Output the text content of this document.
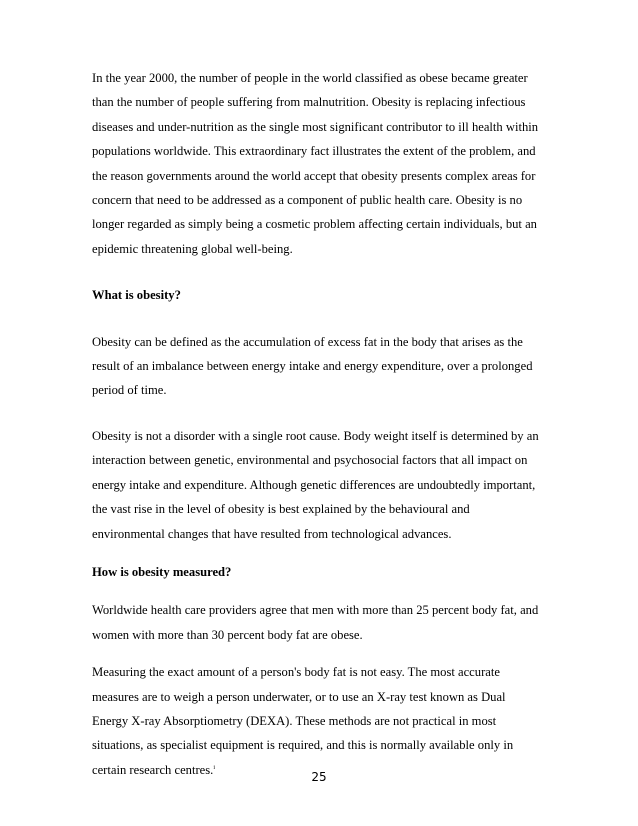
In the year 2000, the number of people in the world classified as obese became greater
than the number of people suffering from malnutrition. Obesity is replacing infectious
diseases and under-nutrition as the single most significant contributor to ill health within
populations worldwide. This extraordinary fact illustrates the extent of the problem, and
the reason governments around the world accept that obesity presents complex areas for
concern that need to be addressed as a component of public health care. Obesity is no
longer regarded as simply being a cosmetic problem affecting certain individuals, but an
epidemic threatening global well-being.

What is obesity?

Obesity can be defined as the accumulation of excess fat in the body that arises as the
result of an imbalance between energy intake and energy expenditure, over a prolonged
period of time.

Obesity is not a disorder with a single root cause. Body weight itself is determined by an
interaction between genetic, environmental and psychosocial factors that all impact on
energy intake and expenditure. Although genetic differences are undoubtedly important,
the vast rise in the level of obesity is best explained by the behavioural and
environmental changes that have resulted from technological advances.

How is obesity measured?

Worldwide health care providers agree that men with more than 25 percent body fat, and
women with more than 30 percent body fat are obese.

Measuring the exact amount of a person's body fat is not easy. The most accurate
measures are to weigh a person underwater, or to use an X-ray test known as Dual
Energy X-ray Absorptiometry (DEXA). These methods are not practical in most
situations, as specialist equipment is required, and this is normally available only in
certain research centres.$^i$

25
